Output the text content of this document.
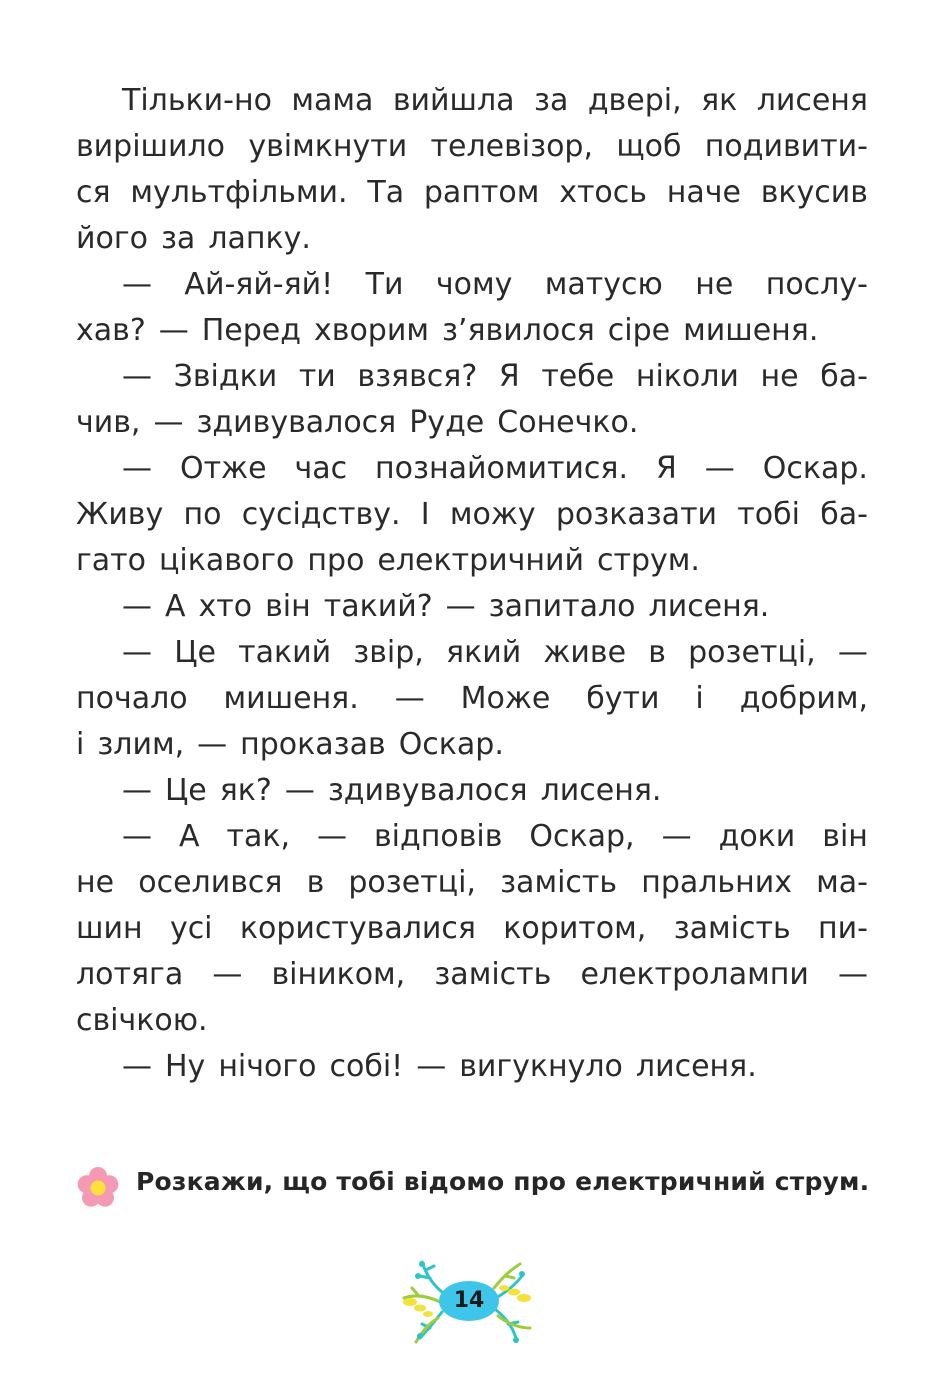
Тільки-но мама вийшла за двері, як лисеня
вирішило увімкнути телевізор, щоб подивити-
ся мультфільми. Та раптом хтось наче вкусив
його за лапку.
— Ай-яй-яй! Ти чому матусю не послу-
хав? — Перед хворим з’явилося сіре мишеня.
— Звідки ти взявся? Я тебе ніколи не ба-
чив, — здивувалося Руде Сонечко.
— Отже час познайомитися. Я — Оскар.
Живу по сусідству. І можу розказати тобі ба-
гато цікавого про електричний струм.
— А хто він такий? — запитало лисеня.
— Це такий звір, який живе в розетці, —
почало мишеня. — Може бути і добрим,
і злим, — проказав Оскар.
— Це як? — здивувалося лисеня.
— А так, — відповів Оскар, — доки він
не оселився в розетці, замість пральних ма-
шин усі користувалися коритом, замість пи-
лотяга — віником, замість електролампи —
свічкою.
— Ну нічого собі! — вигукнуло лисеня.
Розкажи, що тобі відомо про електричний струм.
14
